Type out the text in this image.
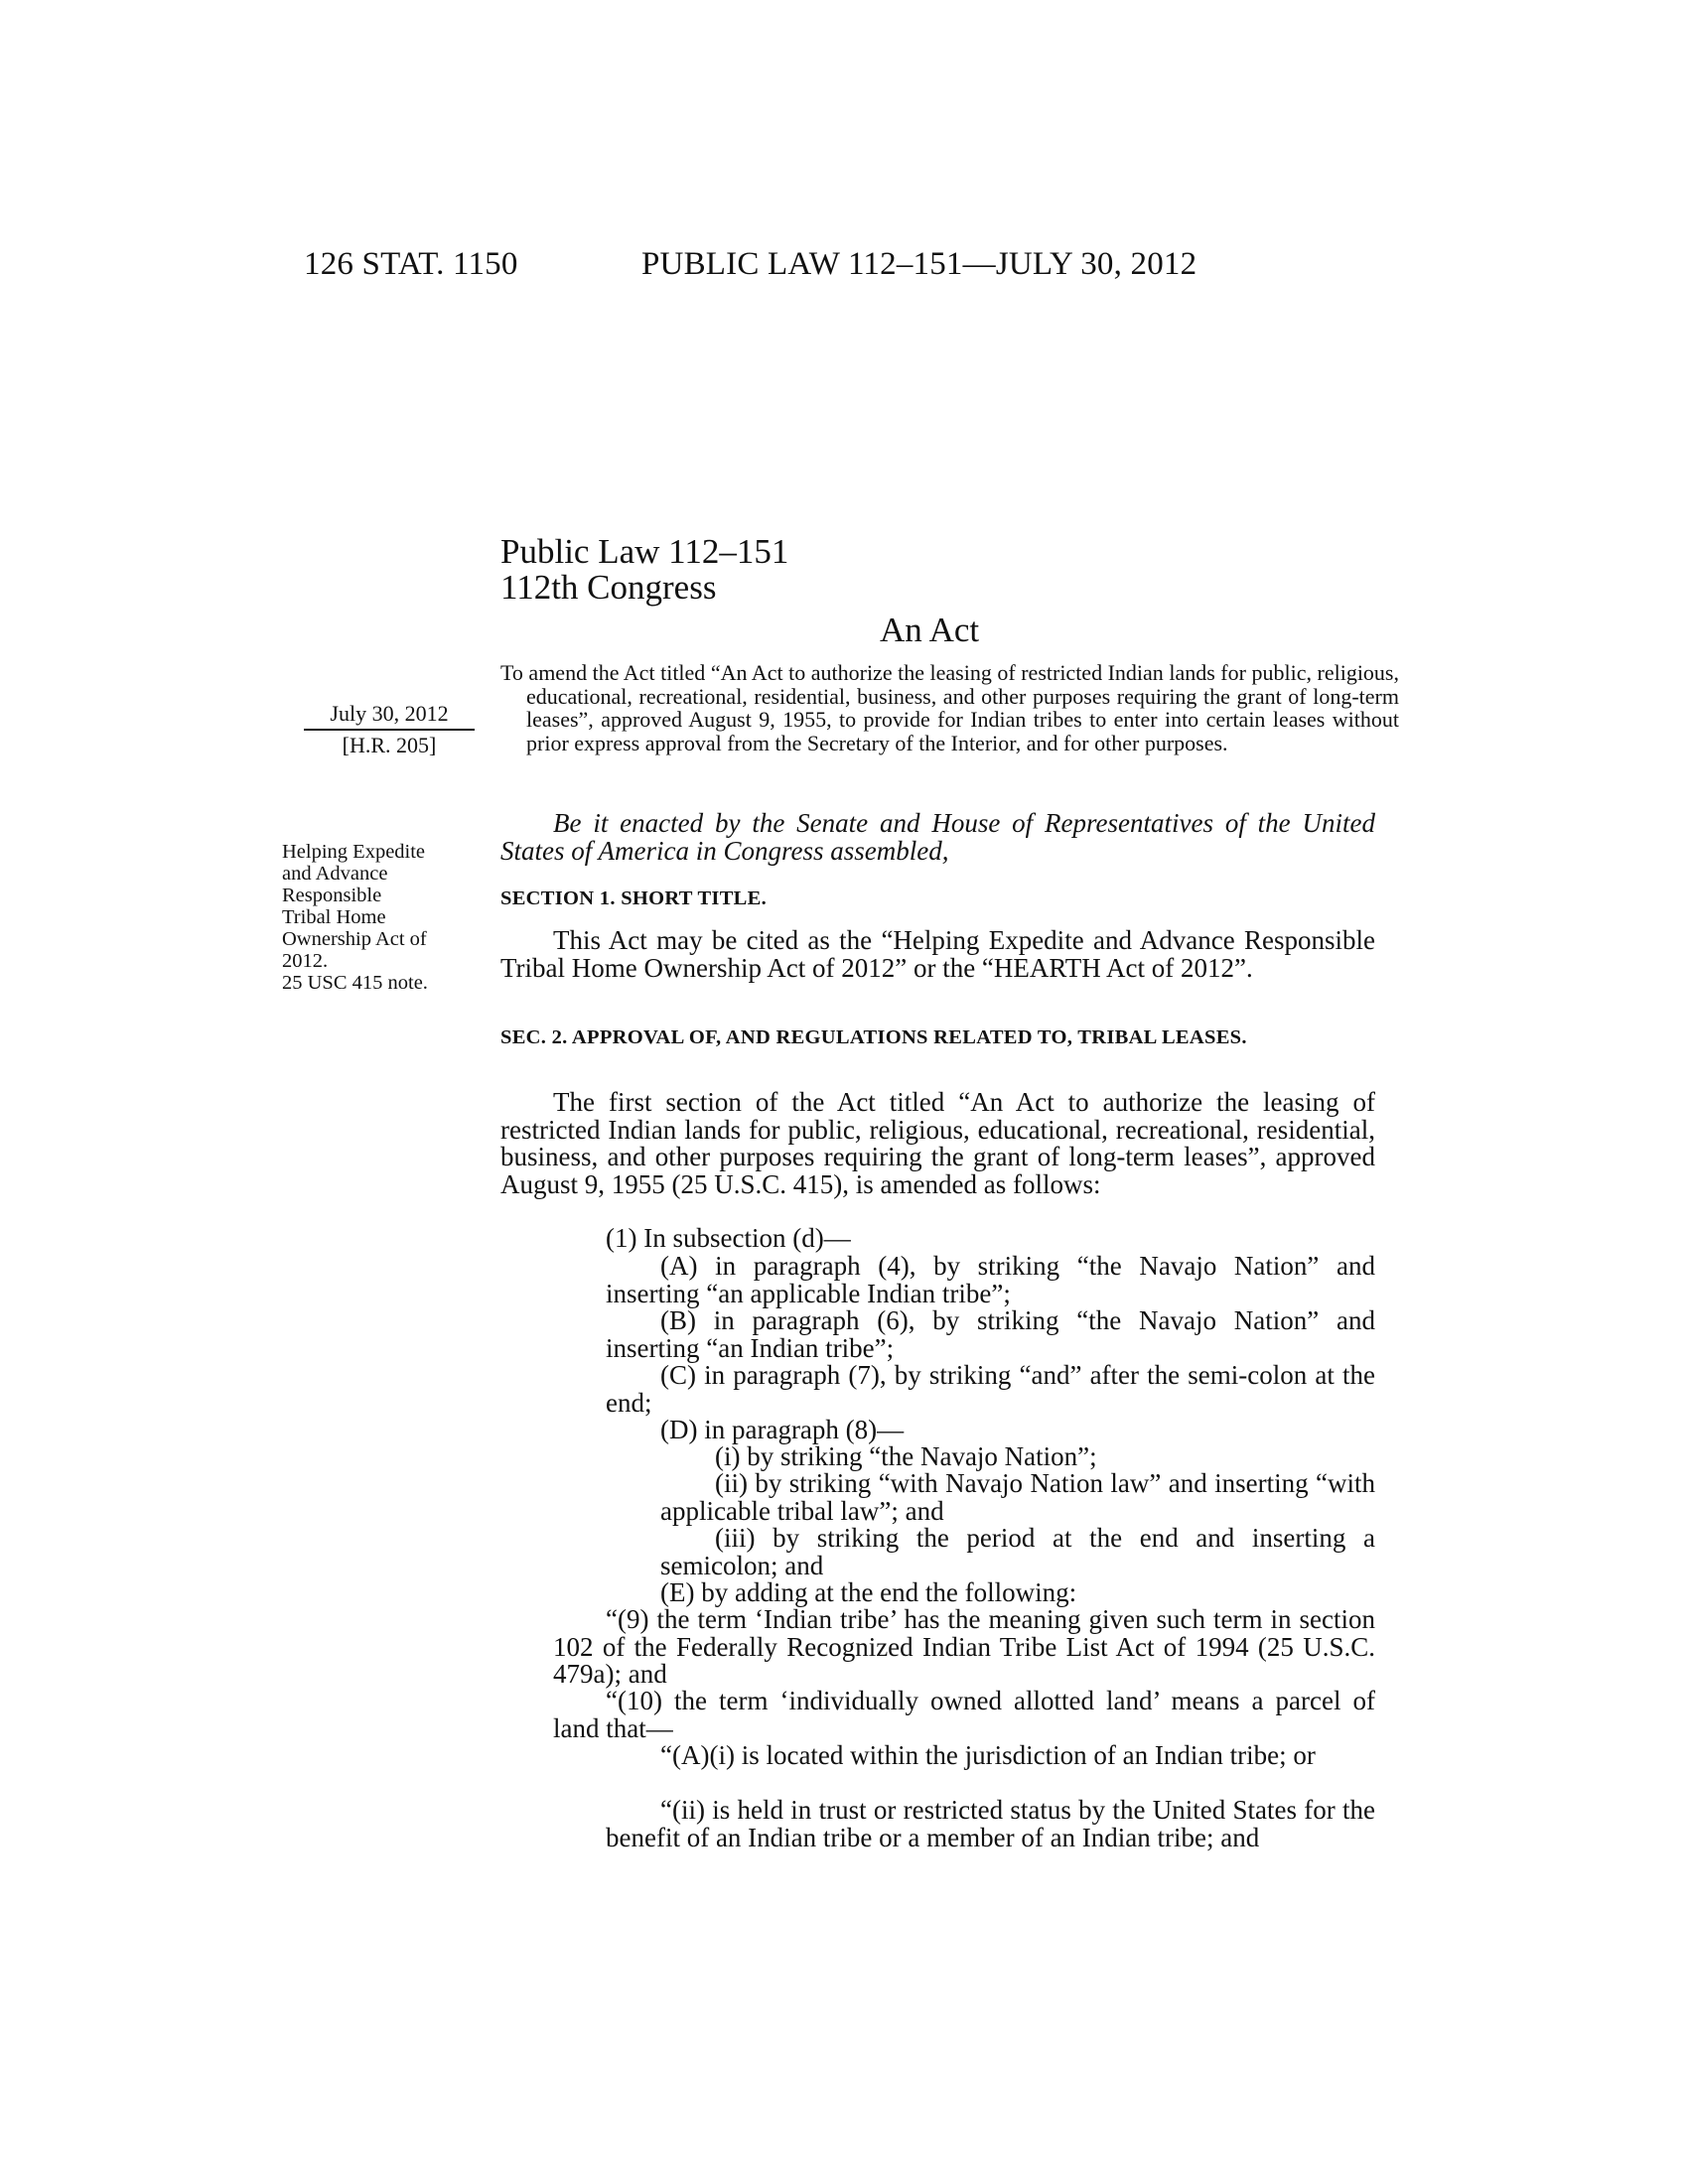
126 STAT. 1150	PUBLIC LAW 112–151—JULY 30, 2012
Public Law 112–151
112th Congress
An Act
To amend the Act titled “An Act to authorize the leasing of restricted Indian lands for public, religious, educational, recreational, residential, business, and other purposes requiring the grant of long-term leases”, approved August 9, 1955, to provide for Indian tribes to enter into certain leases without prior express approval from the Secretary of the Interior, and for other purposes.
July 30, 2012
[H.R. 205]
Helping Expedite
and Advance
Responsible
Tribal Home
Ownership Act of
2012.
25 USC 415 note.
Be it enacted by the Senate and House of Representatives of the United States of America in Congress assembled,
SECTION 1. SHORT TITLE.
This Act may be cited as the “Helping Expedite and Advance Responsible Tribal Home Ownership Act of 2012” or the “HEARTH Act of 2012”.
SEC. 2. APPROVAL OF, AND REGULATIONS RELATED TO, TRIBAL LEASES.
The first section of the Act titled “An Act to authorize the leasing of restricted Indian lands for public, religious, educational, recreational, residential, business, and other purposes requiring the grant of long-term leases”, approved August 9, 1955 (25 U.S.C. 415), is amended as follows:
(1) In subsection (d)—
(A) in paragraph (4), by striking “the Navajo Nation” and inserting “an applicable Indian tribe”;
(B) in paragraph (6), by striking “the Navajo Nation” and inserting “an Indian tribe”;
(C) in paragraph (7), by striking “and” after the semi-colon at the end;
(D) in paragraph (8)—
(i) by striking “the Navajo Nation”;
(ii) by striking “with Navajo Nation law” and inserting “with applicable tribal law”; and
(iii) by striking the period at the end and inserting a semicolon; and
(E) by adding at the end the following:
“(9) the term ‘Indian tribe’ has the meaning given such term in section 102 of the Federally Recognized Indian Tribe List Act of 1994 (25 U.S.C. 479a); and
“(10) the term ‘individually owned allotted land’ means a parcel of land that—
“(A)(i) is located within the jurisdiction of an Indian tribe; or
“(ii) is held in trust or restricted status by the United States for the benefit of an Indian tribe or a member of an Indian tribe; and
